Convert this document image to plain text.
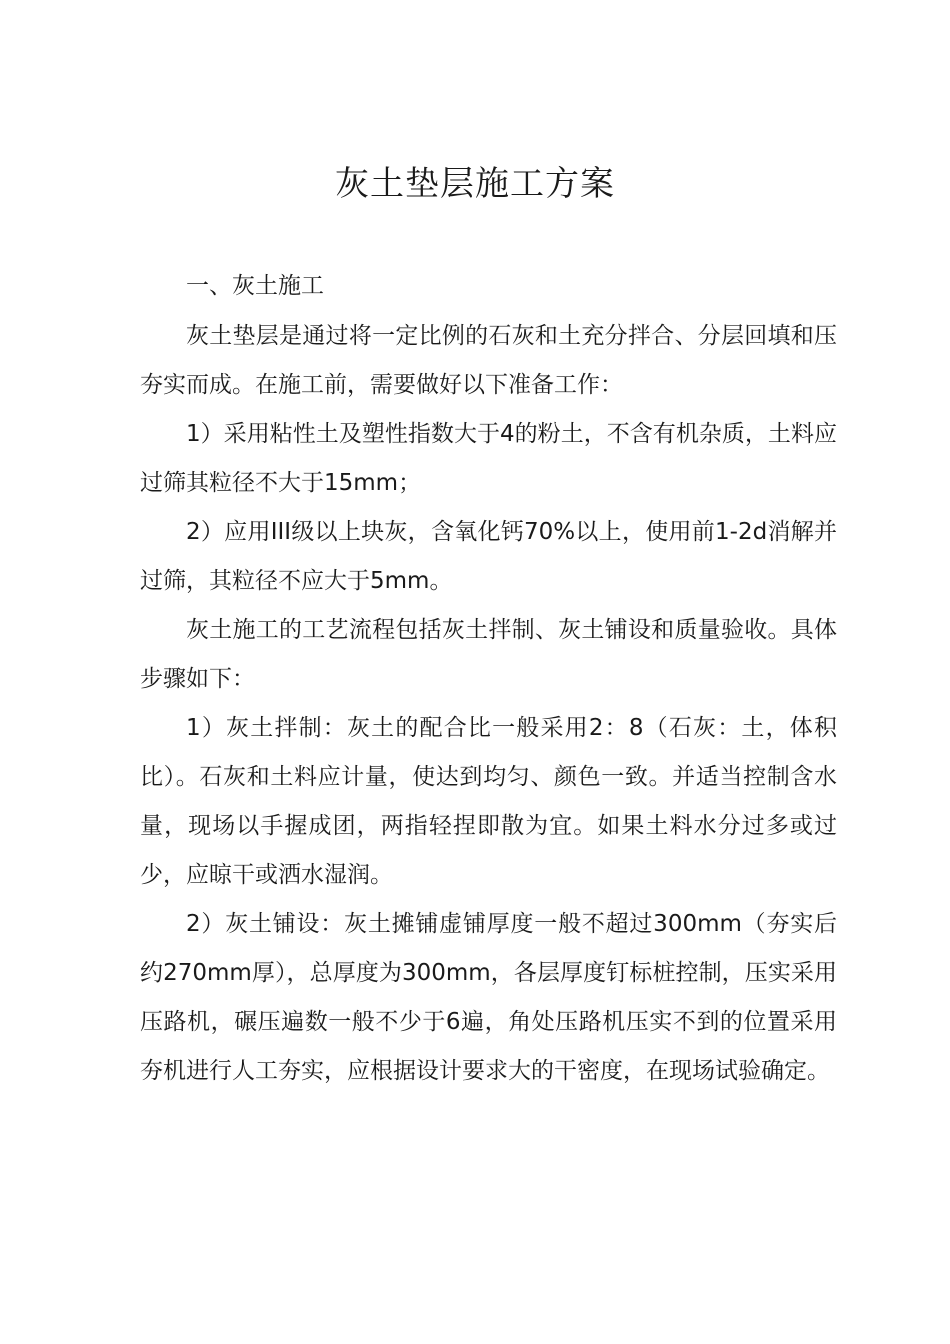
灰土垫层施工方案

一、灰土施工

灰土垫层是通过将一定比例的石灰和土充分拌合、分层回填和压夯实而成。在施工前，需要做好以下准备工作：

1）采用粘性土及塑性指数大于4的粉土，不含有机杂质，土料应过筛其粒径不大于15mm；

2）应用III级以上块灰，含氧化钙70%以上，使用前1-2d消解并过筛，其粒径不应大于5mm。

灰土施工的工艺流程包括灰土拌制、灰土铺设和质量验收。具体步骤如下：

1）灰土拌制：灰土的配合比一般采用2：8（石灰：土，体积比）。石灰和土料应计量，使达到均匀、颜色一致。并适当控制含水量，现场以手握成团，两指轻捏即散为宜。如果土料水分过多或过少，应晾干或洒水湿润。

2）灰土铺设：灰土摊铺虚铺厚度一般不超过300mm（夯实后约270mm厚），总厚度为300mm，各层厚度钉标桩控制，压实采用压路机，碾压遍数一般不少于6遍，角处压路机压实不到的位置采用夯机进行人工夯实，应根据设计要求大的干密度，在现场试验确定。
